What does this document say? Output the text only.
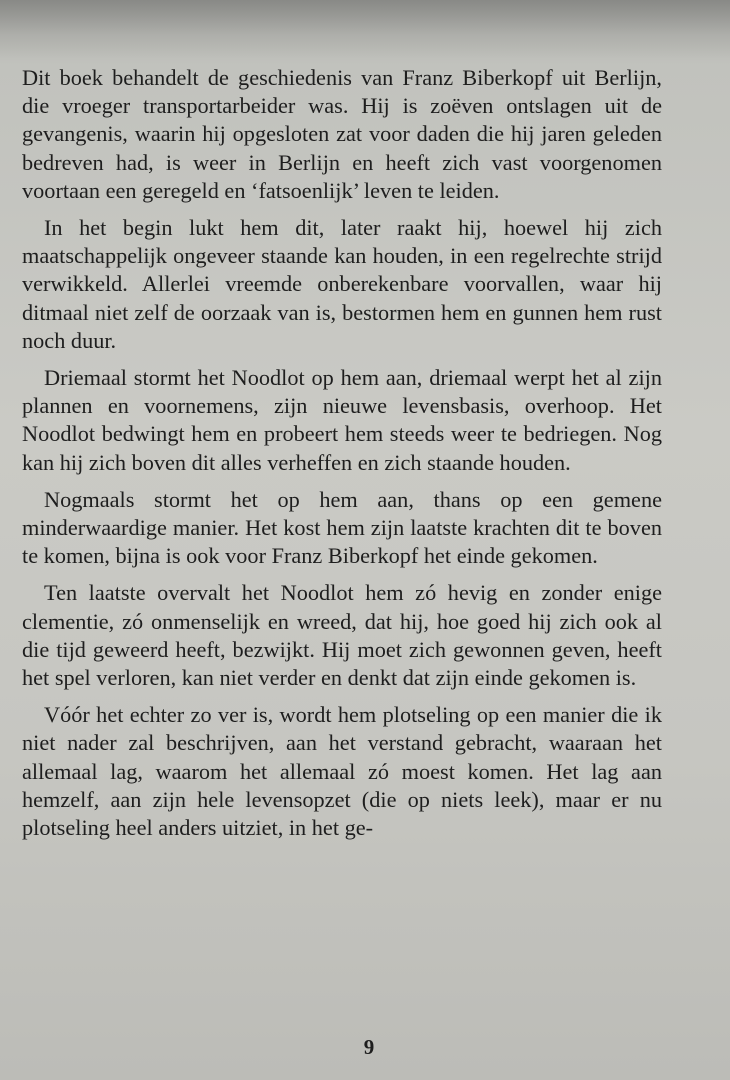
Dit boek behandelt de geschiedenis van Franz Biberkopf uit Berlijn, die vroeger transportarbeider was. Hij is zoëven ontslagen uit de gevangenis, waarin hij opgesloten zat voor daden die hij jaren geleden bedreven had, is weer in Berlijn en heeft zich vast voorgenomen voortaan een geregeld en ‘fatsoenlijk’ leven te leiden.

In het begin lukt hem dit, later raakt hij, hoewel hij zich maatschappelijk ongeveer staande kan houden, in een regelrechte strijd verwikkeld. Allerlei vreemde onberekenbare voorvallen, waar hij ditmaal niet zelf de oorzaak van is, bestormen hem en gunnen hem rust noch duur.

Driemaal stormt het Noodlot op hem aan, driemaal werpt het al zijn plannen en voornemens, zijn nieuwe levensbasis, overhoop. Het Noodlot bedwingt hem en probeert hem steeds weer te bedriegen. Nog kan hij zich boven dit alles verheffen en zich staande houden.

Nogmaals stormt het op hem aan, thans op een gemene minderwaardige manier. Het kost hem zijn laatste krachten dit te boven te komen, bijna is ook voor Franz Biberkopf het einde gekomen.

Ten laatste overvalt het Noodlot hem zó hevig en zonder enige clementie, zó onmenselijk en wreed, dat hij, hoe goed hij zich ook al die tijd geweerd heeft, bezwijkt. Hij moet zich gewonnen geven, heeft het spel verloren, kan niet verder en denkt dat zijn einde gekomen is.

Vóór het echter zo ver is, wordt hem plotseling op een manier die ik niet nader zal beschrijven, aan het verstand gebracht, waaraan het allemaal lag, waarom het allemaal zó moest komen. Het lag aan hemzelf, aan zijn hele levensopzet (die op niets leek), maar er nu plotseling heel anders uitziet, in het ge-

9
